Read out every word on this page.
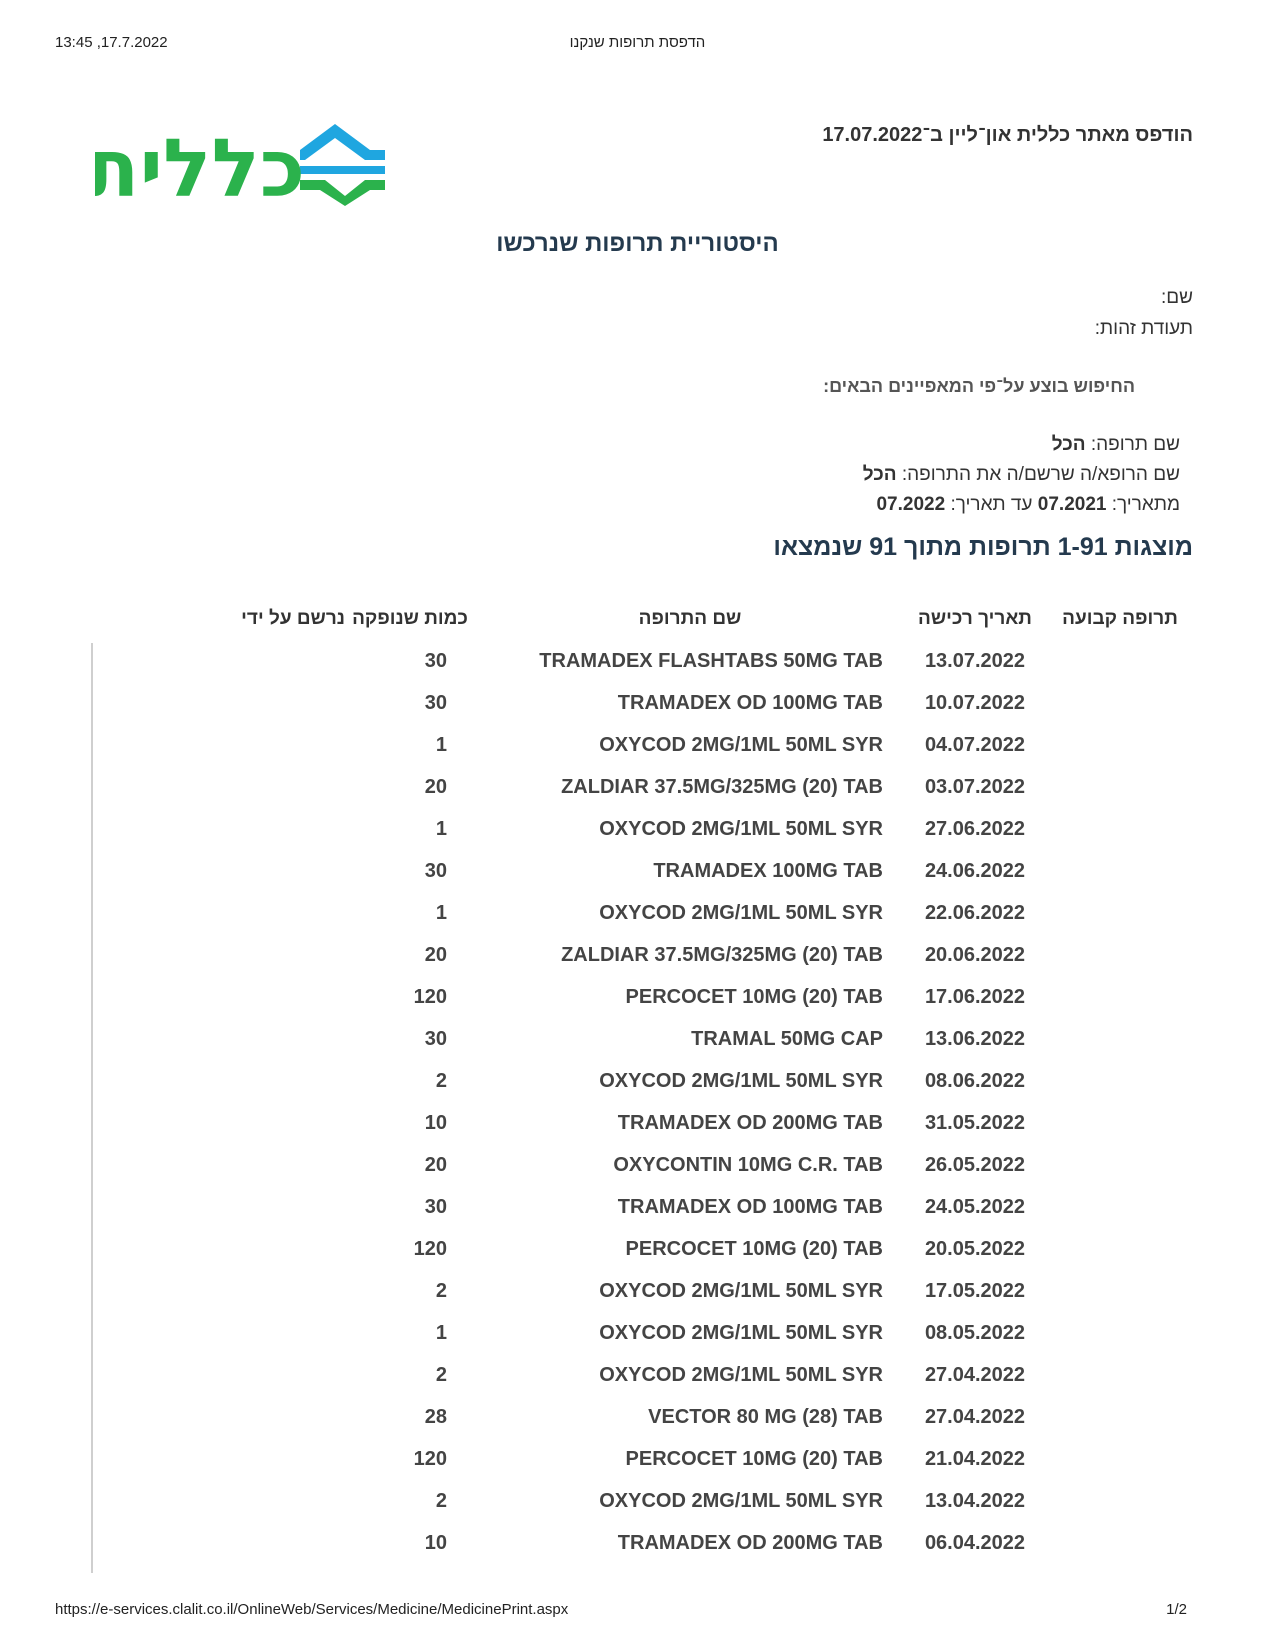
13:45 ,17.7.2022	הדפסת תרופות שנקנו
כללית	הודפס מאתר כללית און־ליין ב־17.07.2022
היסטוריית תרופות שנרכשו
שם:
תעודת זהות:
החיפוש בוצע על־פי המאפיינים הבאים:
שם תרופה: הכל
שם הרופא/ה שרשם/ה את התרופה: הכל
מתאריך: 07.2021 עד תאריך: 07.2022
מוצגות 1-91 תרופות מתוך 91 שנמצאו
תרופה קבועה	תאריך רכישה	שם התרופה	כמות שנופקה	נרשם על ידי
	13.07.2022	TRAMADEX FLASHTABS 50MG TAB	30	

	10.07.2022	TRAMADEX OD 100MG TAB	30	

	04.07.2022	OXYCOD 2MG/1ML 50ML SYR	1	

	03.07.2022	ZALDIAR 37.5MG/325MG (20) TAB	20	

	27.06.2022	OXYCOD 2MG/1ML 50ML SYR	1	

	24.06.2022	TRAMADEX 100MG TAB	30	

	22.06.2022	OXYCOD 2MG/1ML 50ML SYR	1	

	20.06.2022	ZALDIAR 37.5MG/325MG (20) TAB	20	

	17.06.2022	PERCOCET 10MG (20) TAB	120	

	13.06.2022	TRAMAL 50MG CAP	30	

	08.06.2022	OXYCOD 2MG/1ML 50ML SYR	2	

	31.05.2022	TRAMADEX OD 200MG TAB	10	

	26.05.2022	OXYCONTIN 10MG C.R. TAB	20	

	24.05.2022	TRAMADEX OD 100MG TAB	30	

	20.05.2022	PERCOCET 10MG (20) TAB	120	

	17.05.2022	OXYCOD 2MG/1ML 50ML SYR	2	

	08.05.2022	OXYCOD 2MG/1ML 50ML SYR	1	

	27.04.2022	OXYCOD 2MG/1ML 50ML SYR	2	

	27.04.2022	VECTOR 80 MG (28) TAB	28	

	21.04.2022	PERCOCET 10MG (20) TAB	120	

	13.04.2022	OXYCOD 2MG/1ML 50ML SYR	2	

	06.04.2022	TRAMADEX OD 200MG TAB	10	

https://e-services.clalit.co.il/OnlineWeb/Services/Medicine/MedicinePrint.aspx	1/2
